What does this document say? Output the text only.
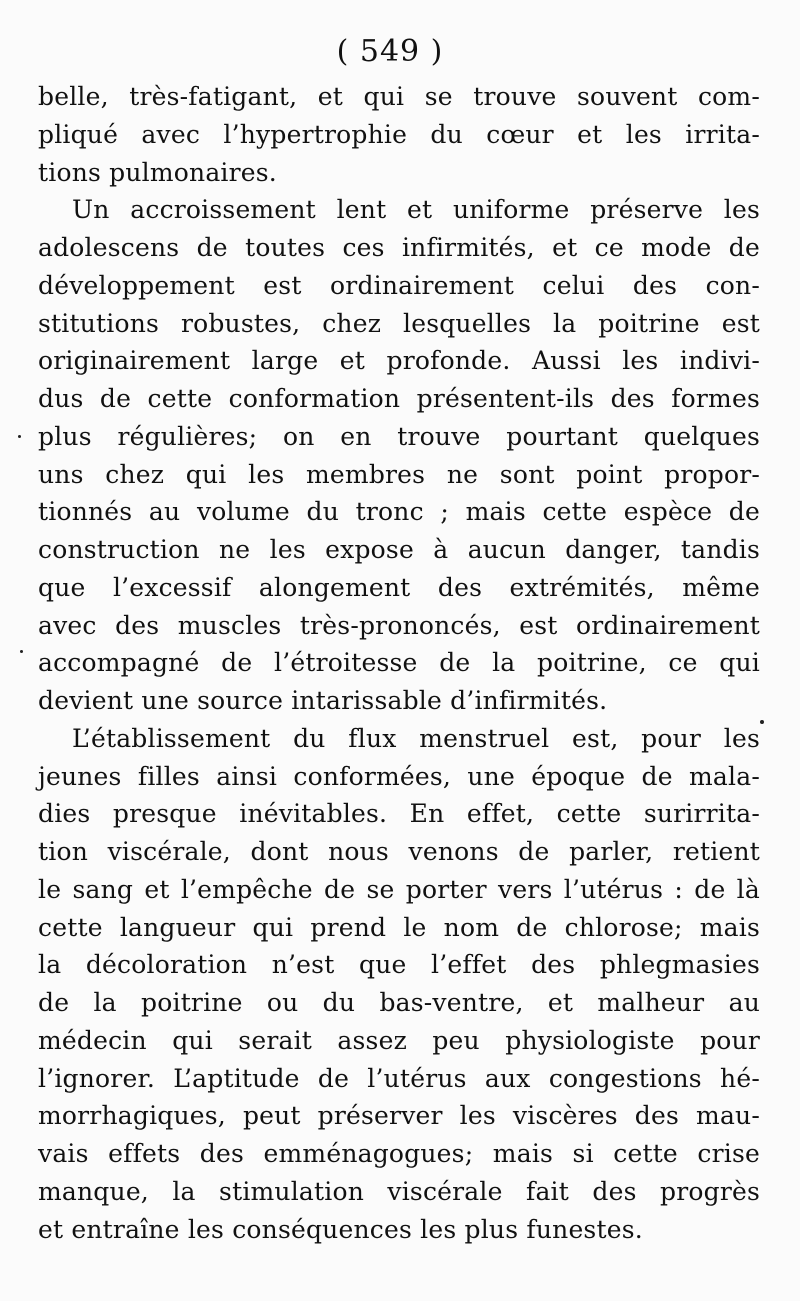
( 549 )
belle, très-fatigant, et qui se trouve souvent com-
pliqué avec l’hypertrophie du cœur et les irrita-
tions pulmonaires.
Un accroissement lent et uniforme préserve les
adolescens de toutes ces infirmités, et ce mode de
développement est ordinairement celui des con-
stitutions robustes, chez lesquelles la poitrine est
originairement large et profonde. Aussi les indivi-
dus de cette conformation présentent-ils des formes
plus régulières; on en trouve pourtant quelques
uns chez qui les membres ne sont point propor-
tionnés au volume du tronc ; mais cette espèce de
construction ne les expose à aucun danger, tandis
que l’excessif alongement des extrémités, même
avec des muscles très-prononcés, est ordinairement
accompagné de l’étroitesse de la poitrine, ce qui
devient une source intarissable d’infirmités.
L’établissement du flux menstruel est, pour les
jeunes filles ainsi conformées, une époque de mala-
dies presque inévitables. En effet, cette surirrita-
tion viscérale, dont nous venons de parler, retient
le sang et l’empêche de se porter vers l’utérus : de là
cette langueur qui prend le nom de chlorose; mais
la décoloration n’est que l’effet des phlegmasies
de la poitrine ou du bas-ventre, et malheur au
médecin qui serait assez peu physiologiste pour
l’ignorer. L’aptitude de l’utérus aux congestions hé-
morrhagiques, peut préserver les viscères des mau-
vais effets des emménagogues; mais si cette crise
manque, la stimulation viscérale fait des progrès
et entraîne les conséquences les plus funestes.
